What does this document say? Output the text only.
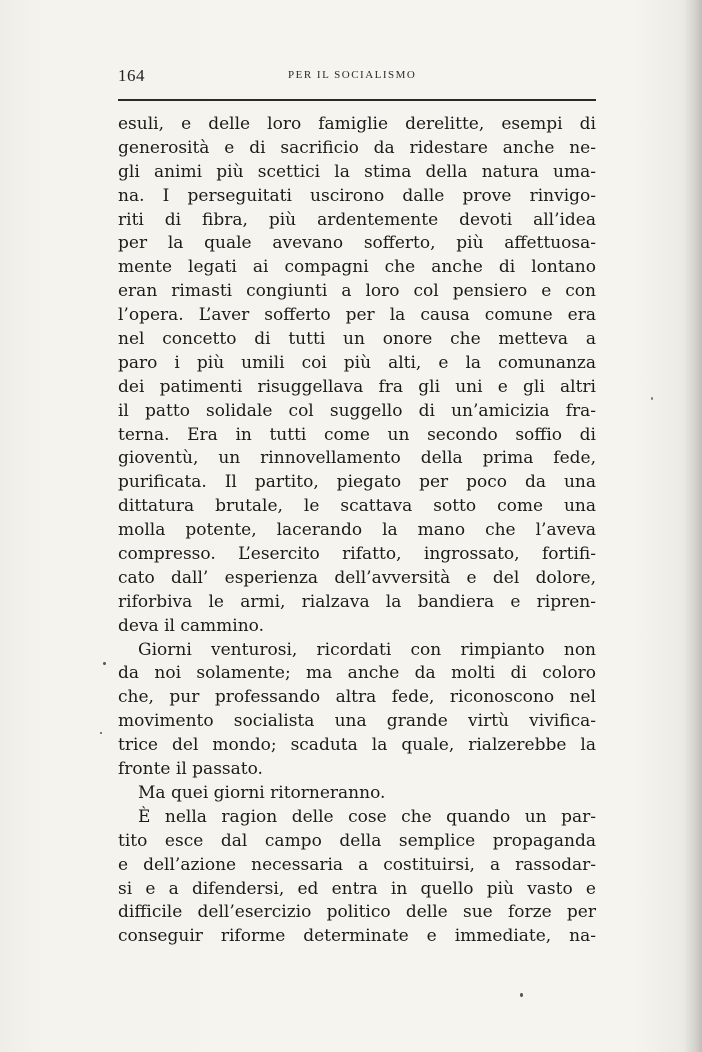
164	PER IL SOCIALISMO
esuli, e delle loro famiglie derelitte, esempi di
generosità e di sacrificio da ridestare anche ne-
gli animi più scettici la stima della natura uma-
na. I perseguitati uscirono dalle prove rinvigo-
riti di fibra, più ardentemente devoti all’idea
per la quale avevano sofferto, più affettuosa-
mente legati ai compagni che anche di lontano
eran rimasti congiunti a loro col pensiero e con
l’opera. L’aver sofferto per la causa comune era
nel concetto di tutti un onore che metteva a
paro i più umili coi più alti, e la comunanza
dei patimenti risuggellava fra gli uni e gli altri
il patto solidale col suggello di un’amicizia fra-
terna. Era in tutti come un secondo soffio di
gioventù, un rinnovellamento della prima fede,
purificata. Il partito, piegato per poco da una
dittatura brutale, le scattava sotto come una
molla potente, lacerando la mano che l’aveva
compresso. L’esercito rifatto, ingrossato, fortifi-
cato dall’ esperienza dell’avversità e del dolore,
riforbiva le armi, rialzava la bandiera e ripren-
deva il cammino.
Giorni venturosi, ricordati con rimpianto non
da noi solamente; ma anche da molti di coloro
che, pur professando altra fede, riconoscono nel
movimento socialista una grande virtù vivifica-
trice del mondo; scaduta la quale, rialzerebbe la
fronte il passato.
Ma quei giorni ritorneranno.
È nella ragion delle cose che quando un par-
tito esce dal campo della semplice propaganda
e dell’azione necessaria a costituirsi, a rassodar-
si e a difendersi, ed entra in quello più vasto e
difficile dell’esercizio politico delle sue forze per
conseguir riforme determinate e immediate, na-
